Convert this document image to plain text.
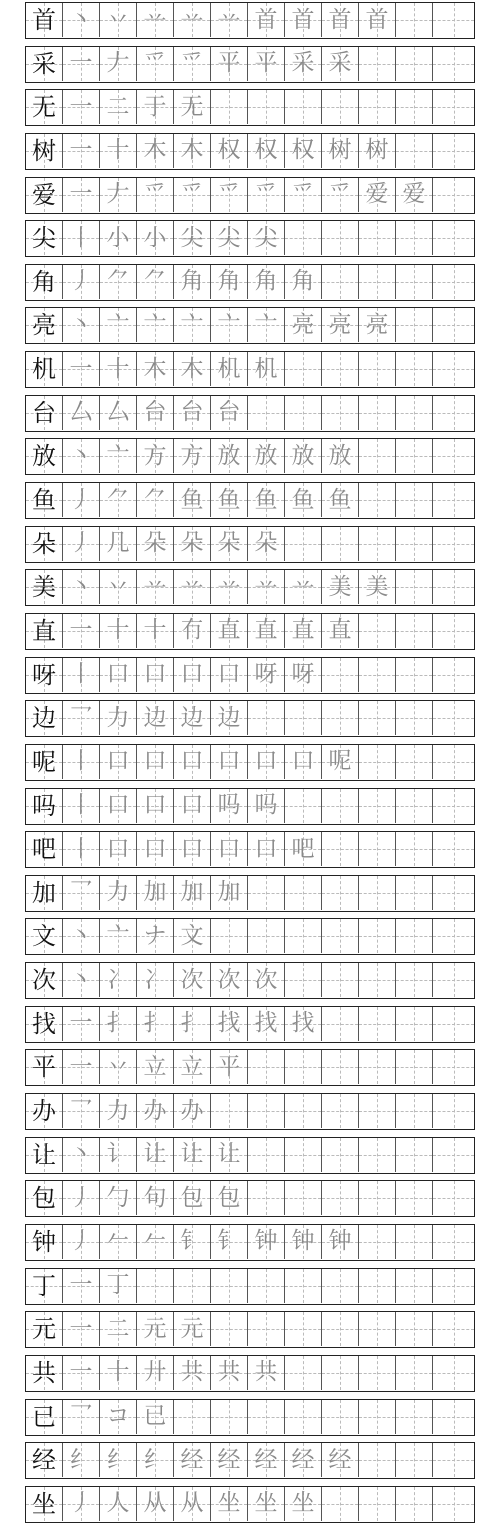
首 丶 丷 䒑 䒑 䒑 首 首 首 首
采 一 𠂇 爫 爫 平 平 采 采
无 一 二 于 无
树 一 十 木 木 权 权 权 树 树
爱 一 𠂇 爫 爫 爫 爫 爫 爫 爱 爱
尖 丨 小 小 尖 尖 尖
角 丿 ⺈ ⺈ 角 角 角 角
亮 丶 亠 亠 亠 亠 亠 亮 亮 亮
机 一 十 木 木 机 机
台 厶 厶 台 台 台
放 丶 亠 方 方 放 放 放 放
鱼 丿 ⺈ ⺈ 鱼 鱼 鱼 鱼 鱼
朵 丿 几 朵 朵 朵 朵
美 丶 丷 䒑 䒑 䒑 䒑 䒑 美 美
直 一 十 十 冇 直 直 直 直
呀 丨 口 口 口 口 呀 呀
边 乛 力 边 边 边
呢 丨 口 口 口 口 口 口 呢
吗 丨 口 口 口 吗 吗
吧 丨 口 口 口 口 口 吧
加 乛 力 加 加 加
文 丶 亠 ナ 文
次 丶 冫 冫 次 次 次
找 一 扌 扌 扌 找 找 找
平 一 丷 立 立 平
办 乛 力 办 办
让 丶 讠 让 让 让
包 丿 勹 句 包 包
钟 丿 𠂉 𠂉 钅 钅 钟 钟 钟
丁 一 丁
元 一 二 元 元
共 一 十 廾 共 共 共
已 乛 コ 已
经 纟 纟 纟 经 经 经 经 经
坐 丿 人 从 从 坐 坐 坐
